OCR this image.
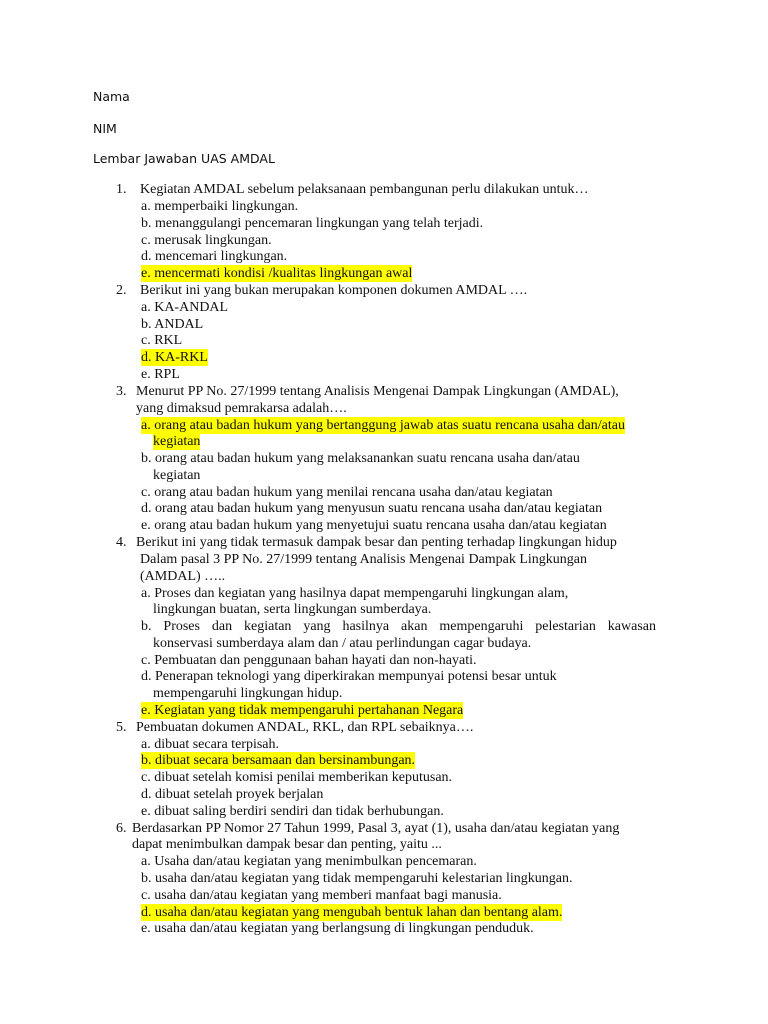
Nama
NIM
Lembar Jawaban UAS AMDAL
1. Kegiatan AMDAL sebelum pelaksanaan pembangunan perlu dilakukan untuk…
a. memperbaiki lingkungan.
b. menanggulangi pencemaran lingkungan yang telah terjadi.
c. merusak lingkungan.
d. mencemari lingkungan.
e. mencermati kondisi /kualitas lingkungan awal
2. Berikut ini yang bukan merupakan komponen dokumen AMDAL ….
a. KA-ANDAL
b. ANDAL
c. RKL
d. KA-RKL
e. RPL
3. Menurut PP No. 27/1999 tentang Analisis Mengenai Dampak Lingkungan (AMDAL),
yang dimaksud pemrakarsa adalah….
a. orang atau badan hukum yang bertanggung jawab atas suatu rencana usaha dan/atau
kegiatan
b. orang atau badan hukum yang melaksanankan suatu rencana usaha dan/atau
kegiatan
c. orang atau badan hukum yang menilai rencana usaha dan/atau kegiatan
d. orang atau badan hukum yang menyusun suatu rencana usaha dan/atau kegiatan
e. orang atau badan hukum yang menyetujui suatu rencana usaha dan/atau kegiatan
4. Berikut ini yang tidak termasuk dampak besar dan penting terhadap lingkungan hidup
Dalam pasal 3 PP No. 27/1999 tentang Analisis Mengenai Dampak Lingkungan
(AMDAL) …..
a. Proses dan kegiatan yang hasilnya dapat mempengaruhi lingkungan alam,
lingkungan buatan, serta lingkungan sumberdaya.
b. Proses dan kegiatan yang hasilnya akan mempengaruhi pelestarian kawasan
konservasi sumberdaya alam dan / atau perlindungan cagar budaya.
c. Pembuatan dan penggunaan bahan hayati dan non-hayati.
d. Penerapan teknologi yang diperkirakan mempunyai potensi besar untuk
mempengaruhi lingkungan hidup.
e. Kegiatan yang tidak mempengaruhi pertahanan Negara
5. Pembuatan dokumen ANDAL, RKL, dan RPL sebaiknya….
a. dibuat secara terpisah.
b. dibuat secara bersamaan dan bersinambungan.
c. dibuat setelah komisi penilai memberikan keputusan.
d. dibuat setelah proyek berjalan
e. dibuat saling berdiri sendiri dan tidak berhubungan.
6. Berdasarkan PP Nomor 27 Tahun 1999, Pasal 3, ayat (1), usaha dan/atau kegiatan yang
dapat menimbulkan dampak besar dan penting, yaitu ...
a. Usaha dan/atau kegiatan yang menimbulkan pencemaran.
b. usaha dan/atau kegiatan yang tidak mempengaruhi kelestarian lingkungan.
c. usaha dan/atau kegiatan yang memberi manfaat bagi manusia.
d. usaha dan/atau kegiatan yang mengubah bentuk lahan dan bentang alam.
e. usaha dan/atau kegiatan yang berlangsung di lingkungan penduduk.
